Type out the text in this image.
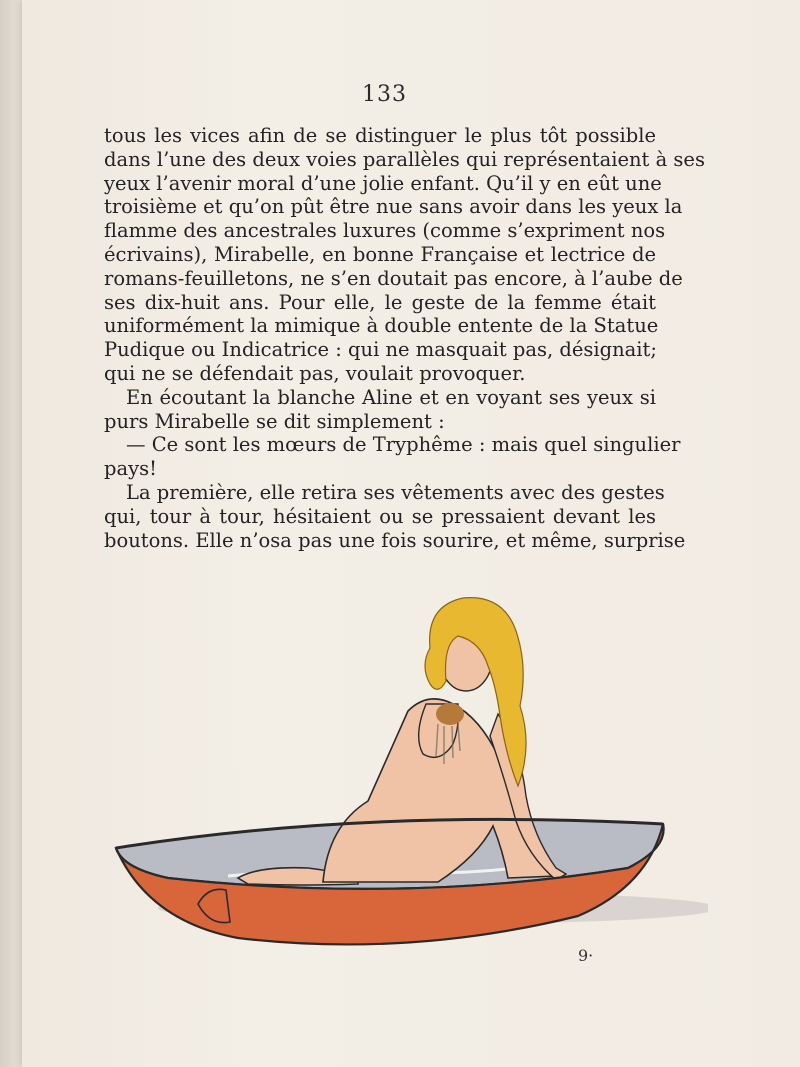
133
tous les vices afin de se distinguer le plus tôt possible
dans l’une des deux voies parallèles qui représentaient à ses
yeux l’avenir moral d’une jolie enfant. Qu’il y en eût une
troisième et qu’on pût être nue sans avoir dans les yeux la
flamme des ancestrales luxures (comme s’expriment nos
écrivains), Mirabelle, en bonne Française et lectrice de
romans-feuilletons, ne s’en doutait pas encore, à l’aube de
ses dix-huit ans. Pour elle, le geste de la femme était
uniformément la mimique à double entente de la Statue
Pudique ou Indicatrice : qui ne masquait pas, désignait;
qui ne se défendait pas, voulait provoquer.
En écoutant la blanche Aline et en voyant ses yeux si
purs Mirabelle se dit simplement :
— Ce sont les mœurs de Tryphême : mais quel singulier
pays!
La première, elle retira ses vêtements avec des gestes
qui, tour à tour, hésitaient ou se pressaient devant les
boutons. Elle n’osa pas une fois sourire, et même, surprise
9·
